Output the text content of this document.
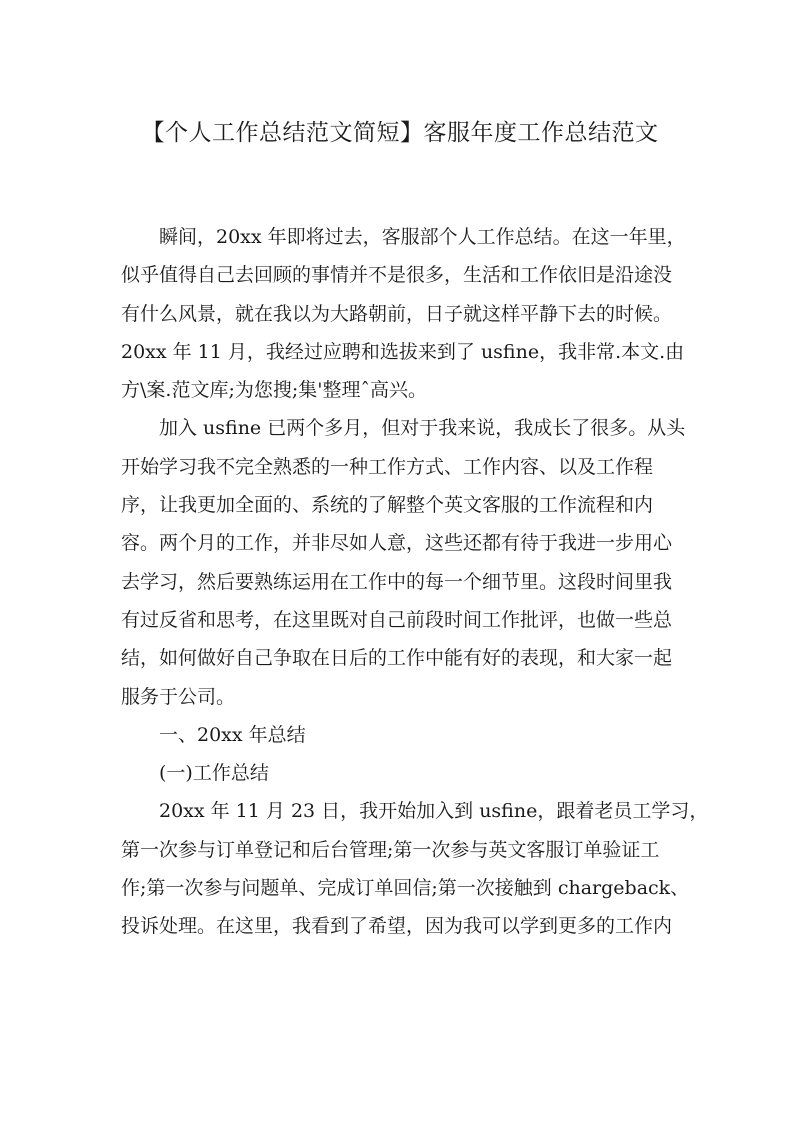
【个人工作总结范文简短】客服年度工作总结范文
瞬间，20xx 年即将过去，客服部个人工作总结。在这一年里，
似乎值得自己去回顾的事情并不是很多，生活和工作依旧是沿途没
有什么风景，就在我以为大路朝前，日子就这样平静下去的时候。
20xx 年 11 月，我经过应聘和选拔来到了 usfine，我非常.本文.由
方\案.范文库;为您搜;集'整理ˆ高兴。
加入 usfine 已两个多月，但对于我来说，我成长了很多。从头
开始学习我不完全熟悉的一种工作方式、工作内容、以及工作程
序，让我更加全面的、系统的了解整个英文客服的工作流程和内
容。两个月的工作，并非尽如人意，这些还都有待于我进一步用心
去学习，然后要熟练运用在工作中的每一个细节里。这段时间里我
有过反省和思考，在这里既对自己前段时间工作批评，也做一些总
结，如何做好自己争取在日后的工作中能有好的表现，和大家一起
服务于公司。

一、20xx 年总结

(一)工作总结

20xx 年 11 月 23 日，我开始加入到 usfine，跟着老员工学习，
第一次参与订单登记和后台管理;第一次参与英文客服订单验证工
作;第一次参与问题单、完成订单回信;第一次接触到 chargeback、
投诉处理。在这里，我看到了希望，因为我可以学到更多的工作内
